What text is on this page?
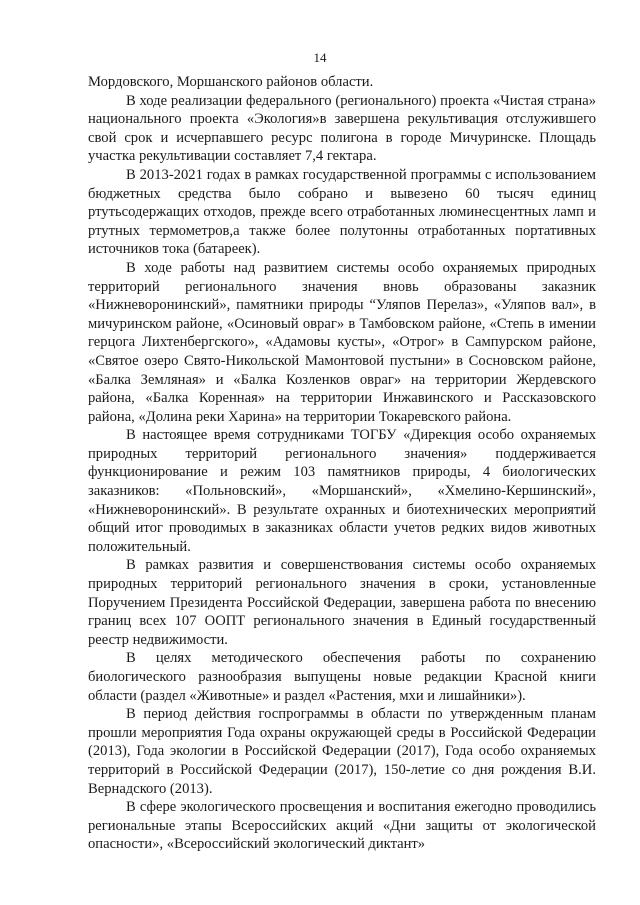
14

Мордовского, Моршанского районов области.

В ходе реализации федерального (регионального) проекта «Чистая страна» национального проекта «Экология»в завершена рекультивация отслужившего свой срок и исчерпавшего ресурс полигона в городе Мичуринске. Площадь участка рекультивации составляет 7,4 гектара.

В 2013-2021 годах в рамках государственной программы с использованием бюджетных средства было собрано и вывезено 60 тысяч единиц ртутьсодержащих отходов, прежде всего отработанных люминесцентных ламп и ртутных термометров,а также более полутонны отработанных портативных источников тока (батареек).

В ходе работы над развитием системы особо охраняемых природных территорий регионального значения вновь образованы заказник «Нижневоронинский», памятники природы “Уляпов Перелаз», «Уляпов вал», в мичуринском районе, «Осиновый овраг» в Тамбовском районе, «Степь в имении герцога Лихтенбергского», «Адамовы кусты», «Отрог» в Сампурском районе, «Святое озеро Свято-Никольской Мамонтовой пустыни» в Сосновском районе, «Балка Земляная» и «Балка Козленков овраг» на территории Жердевского района, «Балка Коренная» на территории Инжавинского и Рассказовского района, «Долина реки Харина» на территории Токаревского района.

В настоящее время сотрудниками ТОГБУ «Дирекция особо охраняемых природных территорий регионального значения» поддерживается функционирование и режим 103 памятников природы, 4 биологических заказников: «Польновский», «Моршанский», «Хмелино-Кершинский», «Нижневоронинский». В результате охранных и биотехнических мероприятий общий итог проводимых в заказниках области учетов редких видов животных положительный.

В рамках развития и совершенствования системы особо охраняемых природных территорий регионального значения в сроки, установленные Поручением Президента Российской Федерации, завершена работа по внесению границ всех 107 ООПТ регионального значения в Единый государственный реестр недвижимости.

В целях методического обеспечения работы по сохранению биологического разнообразия выпущены новые редакции Красной книги области (раздел «Животные» и раздел «Растения, мхи и лишайники»).

В период действия госпрограммы в области по утвержденным планам прошли мероприятия Года охраны окружающей среды в Российской Федерации (2013), Года экологии в Российской Федерации (2017), Года особо охраняемых территорий в Российской Федерации (2017), 150-летие со дня рождения В.И. Вернадского (2013).

В сфере экологического просвещения и воспитания ежегодно проводились региональные этапы Всероссийских акций «Дни защиты от экологической опасности», «Всероссийский экологический диктант»
